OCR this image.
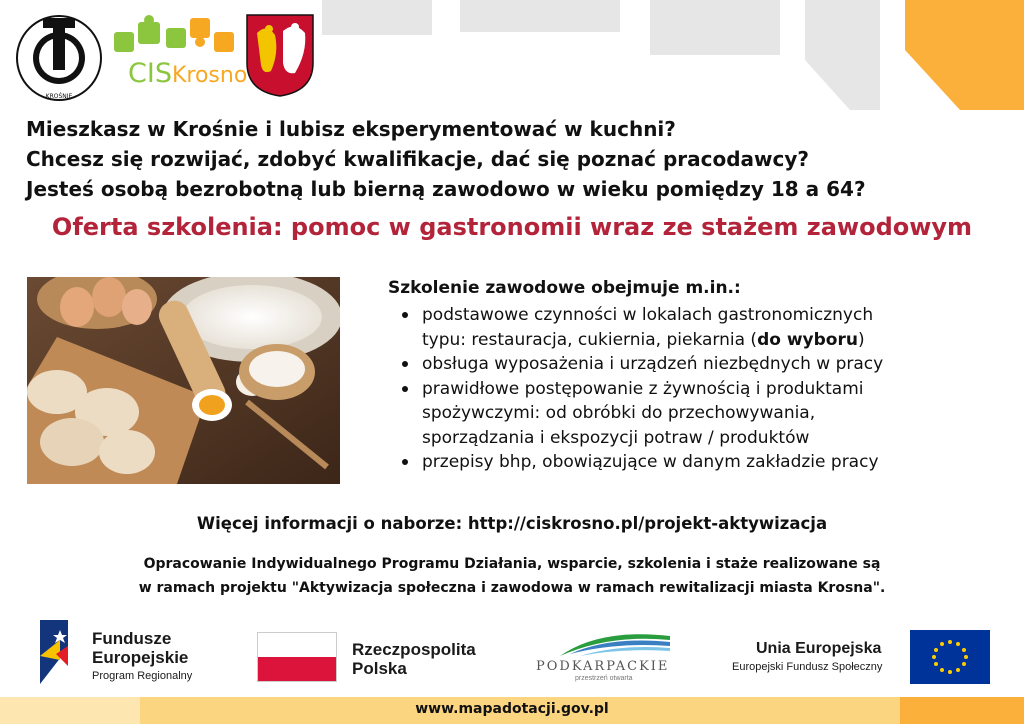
KROŚNIE
CISKrosno
Mieszkasz w Krośnie i lubisz eksperymentować w kuchni?
Chcesz się rozwijać, zdobyć kwalifikacje, dać się poznać pracodawcy?
Jesteś osobą bezrobotną lub bierną zawodowo w wieku pomiędzy 18 a 64?
Oferta szkolenia: pomoc w gastronomii wraz ze stażem zawodowym
Szkolenie zawodowe obejmuje m.in.:
podstawowe czynności w lokalach gastronomicznych
typu: restauracja, cukiernia, piekarnia (do wyboru)
obsługa wyposażenia i urządzeń niezbędnych w pracy
prawidłowe postępowanie z żywnością i produktami
spożywczymi: od obróbki do przechowywania,
sporządzania i ekspozycji potraw / produktów
przepisy bhp, obowiązujące w danym zakładzie pracy
Więcej informacji o naborze: http://ciskrosno.pl/projekt-aktywizacja
Opracowanie Indywidualnego Programu Działania, wsparcie, szkolenia i staże realizowane są
w ramach projektu "Aktywizacja społeczna i zawodowa w ramach rewitalizacji miasta Krosna".
Fundusze
Europejskie
Program Regionalny
Rzeczpospolita
Polska	PODKARPACKIE
przestrzeń otwarta
Unia Europejska
Europejski Fundusz Społeczny
www.mapadotacji.gov.pl
